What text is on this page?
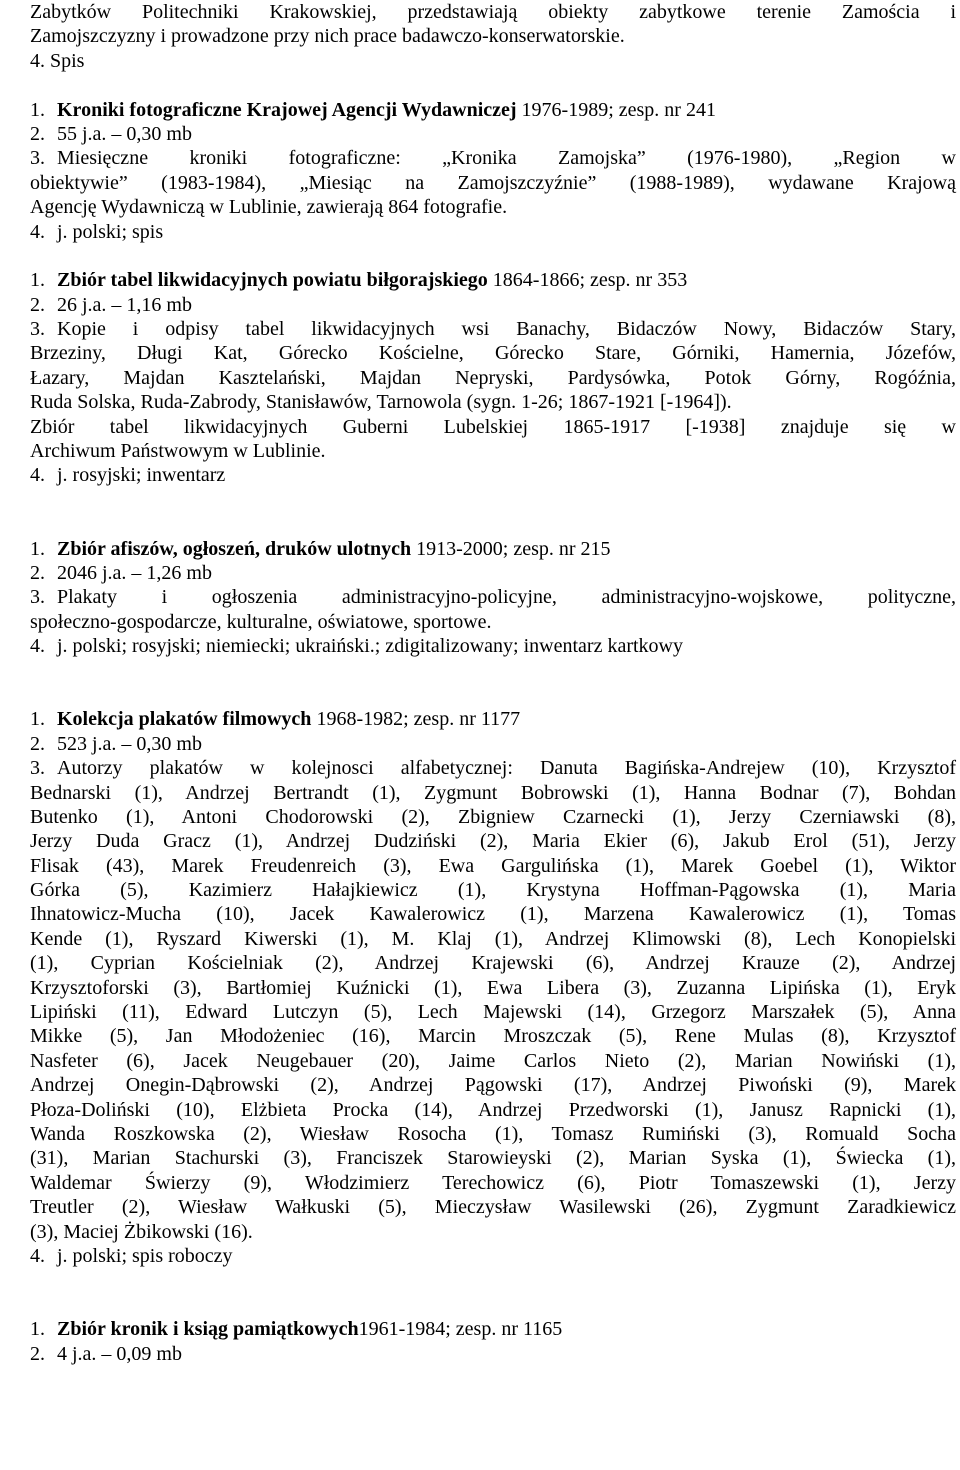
Zabytków Politechniki Krakowskiej, przedstawiają obiekty zabytkowe terenie Zamościa i
Zamojszczyzny i prowadzone przy nich prace badawczo-konserwatorskie.
4. Spis
1. Kroniki fotograficzne Krajowej Agencji Wydawniczej 1976-1989; zesp. nr 241
2. 55 j.a. – 0,30 mb
3. Miesięczne kroniki fotograficzne: „Kronika Zamojska” (1976-1980), „Region w
obiektywie” (1983-1984), „Miesiąc na Zamojszczyźnie” (1988-1989), wydawane Krajową
Agencję Wydawniczą w Lublinie, zawierają 864 fotografie.
4. j. polski; spis
1. Zbiór tabel likwidacyjnych powiatu biłgorajskiego 1864-1866; zesp. nr 353
2. 26 j.a. – 1,16 mb
3. Kopie i odpisy tabel likwidacyjnych wsi Banachy, Bidaczów Nowy, Bidaczów Stary,
Brzeziny, Długi Kat, Górecko Kościelne, Górecko Stare, Górniki, Hamernia, Józefów,
Łazary, Majdan Kasztelański, Majdan Nepryski, Pardysówka, Potok Górny, Rogóźnia,
Ruda Solska, Ruda-Zabrody, Stanisławów, Tarnowola (sygn. 1-26; 1867-1921 [-1964]).
Zbiór tabel likwidacyjnych Guberni Lubelskiej 1865-1917 [-1938] znajduje się w
Archiwum Państwowym w Lublinie.
4. j. rosyjski; inwentarz
1. Zbiór afiszów, ogłoszeń, druków ulotnych 1913-2000; zesp. nr 215
2. 2046 j.a. – 1,26 mb
3. Plakaty i ogłoszenia administracyjno-policyjne, administracyjno-wojskowe, polityczne,
społeczno-gospodarcze, kulturalne, oświatowe, sportowe.
4. j. polski; rosyjski; niemiecki; ukraiński.; zdigitalizowany; inwentarz kartkowy
1. Kolekcja plakatów filmowych 1968-1982; zesp. nr 1177
2. 523 j.a. – 0,30 mb
3. Autorzy plakatów w kolejnosci alfabetycznej: Danuta Bagińska-Andrejew (10), Krzysztof
Bednarski (1), Andrzej Bertrandt (1), Zygmunt Bobrowski (1), Hanna Bodnar (7), Bohdan
Butenko (1), Antoni Chodorowski (2), Zbigniew Czarnecki (1), Jerzy Czerniawski (8),
Jerzy Duda Gracz (1), Andrzej Dudziński (2), Maria Ekier (6), Jakub Erol (51), Jerzy
Flisak (43), Marek Freudenreich (3), Ewa Gargulińska (1), Marek Goebel (1), Wiktor
Górka (5), Kazimierz Hałajkiewicz (1), Krystyna Hoffman-Pągowska (1), Maria
Ihnatowicz-Mucha (10), Jacek Kawalerowicz (1), Marzena Kawalerowicz (1), Tomas
Kende (1), Ryszard Kiwerski (1), M. Klaj (1), Andrzej Klimowski (8), Lech Konopielski
(1), Cyprian Kościelniak (2), Andrzej Krajewski (6), Andrzej Krauze (2), Andrzej
Krzysztoforski (3), Bartłomiej Kuźnicki (1), Ewa Libera (3), Zuzanna Lipińska (1), Eryk
Lipiński (11), Edward Lutczyn (5), Lech Majewski (14), Grzegorz Marszałek (5), Anna
Mikke (5), Jan Młodożeniec (16), Marcin Mroszczak (5), Rene Mulas (8), Krzysztof
Nasfeter (6), Jacek Neugebauer (20), Jaime Carlos Nieto (2), Marian Nowiński (1),
Andrzej Onegin-Dąbrowski (2), Andrzej Pągowski (17), Andrzej Piwoński (9), Marek
Płoza-Doliński (10), Elżbieta Procka (14), Andrzej Przedworski (1), Janusz Rapnicki (1),
Wanda Roszkowska (2), Wiesław Rosocha (1), Tomasz Rumiński (3), Romuald Socha
(31), Marian Stachurski (3), Franciszek Starowieyski (2), Marian Syska (1), Świecka (1),
Waldemar Świerzy (9), Włodzimierz Terechowicz (6), Piotr Tomaszewski (1), Jerzy
Treutler (2), Wiesław Wałkuski (5), Mieczysław Wasilewski (26), Zygmunt Zaradkiewicz
(3), Maciej Żbikowski (16).
4. j. polski; spis roboczy
1. Zbiór kronik i ksiąg pamiątkowych1961-1984; zesp. nr 1165
2. 4 j.a. – 0,09 mb
